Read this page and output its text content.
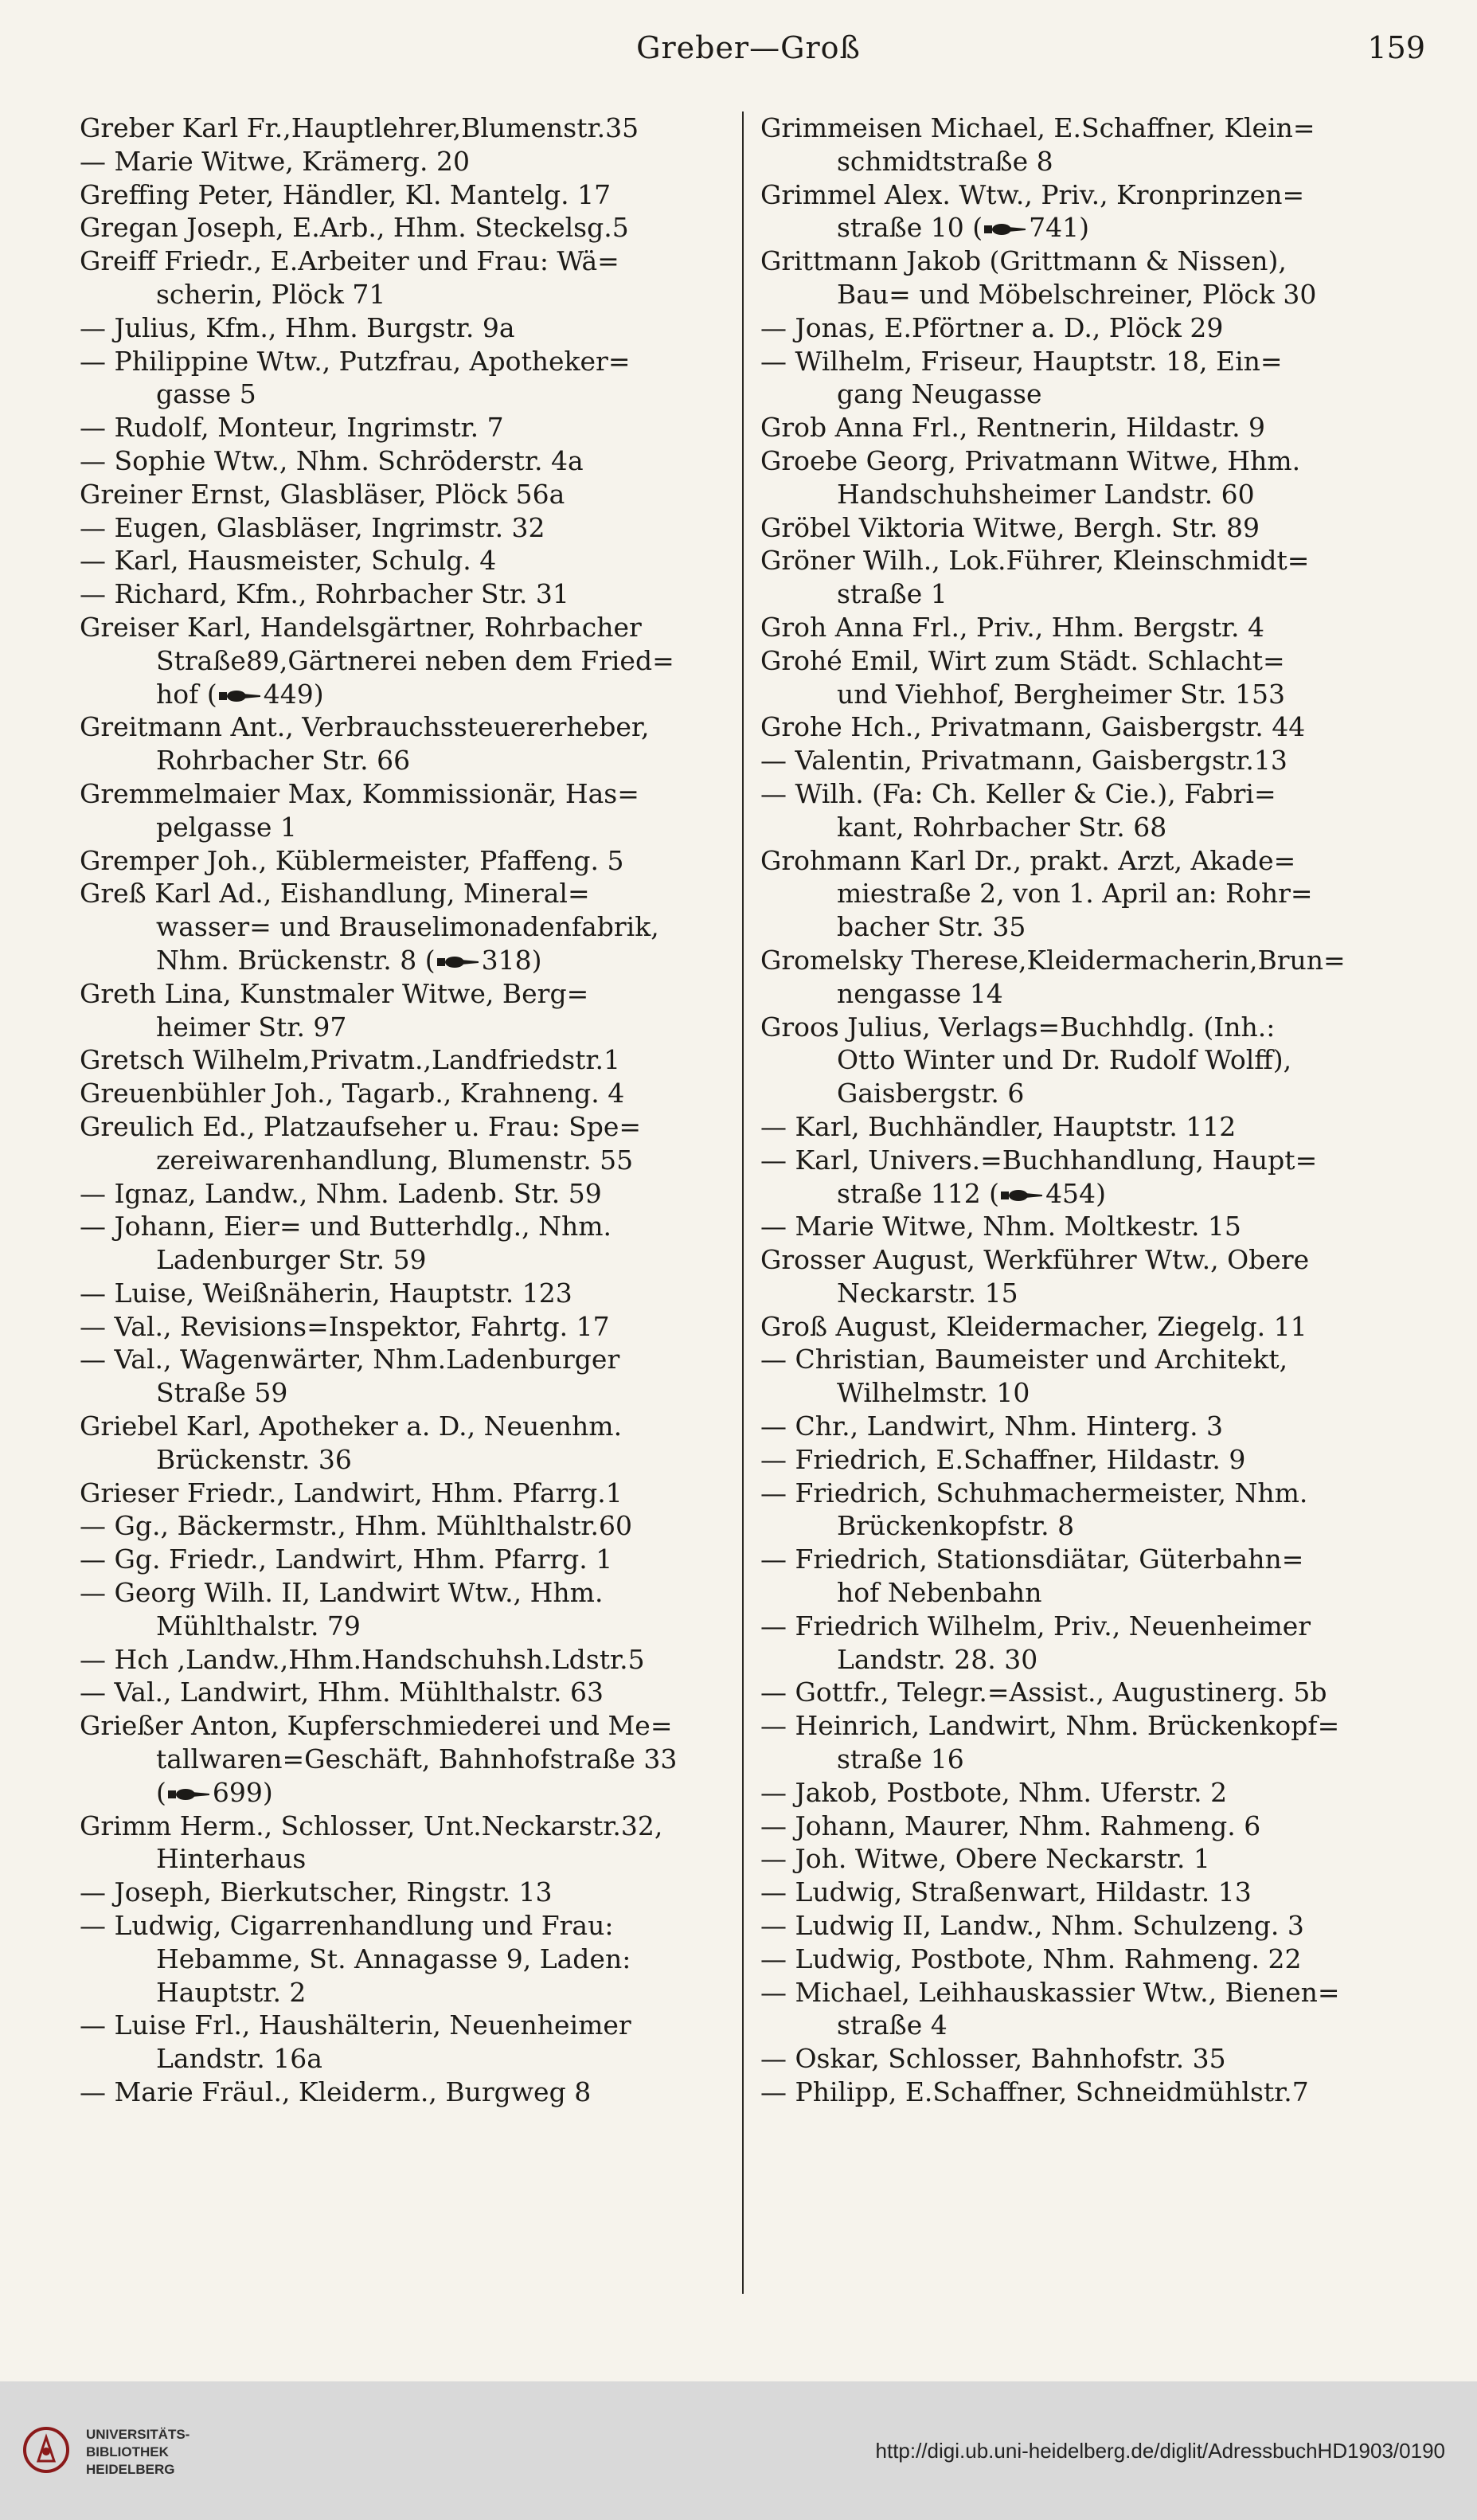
Greber—Groß	159
Greber Karl Fr.,Hauptlehrer,Blumenstr.35
— Marie Witwe, Krämerg. 20
Greffing Peter, Händler, Kl. Mantelg. 17
Gregan Joseph, E.Arb., Hhm. Steckelsg.5
Greiff Friedr., E.Arbeiter und Frau: Wä=
scherin, Plöck 71
— Julius, Kfm., Hhm. Burgstr. 9a
— Philippine Wtw., Putzfrau, Apotheker=
gasse 5
— Rudolf, Monteur, Ingrimstr. 7
— Sophie Wtw., Nhm. Schröderstr. 4a
Greiner Ernst, Glasbläser, Plöck 56a
— Eugen, Glasbläser, Ingrimstr. 32
— Karl, Hausmeister, Schulg. 4
— Richard, Kfm., Rohrbacher Str. 31
Greiser Karl, Handelsgärtner, Rohrbacher
Straße89,Gärtnerei neben dem Fried=
hof ( 449)
Greitmann Ant., Verbrauchssteuererheber,
Rohrbacher Str. 66
Gremmelmaier Max, Kommissionär, Has=
pelgasse 1
Gremper Joh., Küblermeister, Pfaffeng. 5
Greß Karl Ad., Eishandlung, Mineral=
wasser= und Brauselimonadenfabrik,
Nhm. Brückenstr. 8 ( 318)
Greth Lina, Kunstmaler Witwe, Berg=
heimer Str. 97
Gretsch Wilhelm,Privatm.,Landfriedstr.1
Greuenbühler Joh., Tagarb., Krahneng. 4
Greulich Ed., Platzaufseher u. Frau: Spe=
zereiwarenhandlung, Blumenstr. 55
— Ignaz, Landw., Nhm. Ladenb. Str. 59
— Johann, Eier= und Butterhdlg., Nhm.
Ladenburger Str. 59
— Luise, Weißnäherin, Hauptstr. 123
— Val., Revisions=Inspektor, Fahrtg. 17
— Val., Wagenwärter, Nhm.Ladenburger
Straße 59
Griebel Karl, Apotheker a. D., Neuenhm.
Brückenstr. 36
Grieser Friedr., Landwirt, Hhm. Pfarrg.1
— Gg., Bäckermstr., Hhm. Mühlthalstr.60
— Gg. Friedr., Landwirt, Hhm. Pfarrg. 1
— Georg Wilh. II, Landwirt Wtw., Hhm.
Mühlthalstr. 79
— Hch ,Landw.,Hhm.Handschuhsh.Ldstr.5
— Val., Landwirt, Hhm. Mühlthalstr. 63
Grießer Anton, Kupferschmiederei und Me=
tallwaren=Geschäft, Bahnhofstraße 33
( 699)
Grimm Herm., Schlosser, Unt.Neckarstr.32,
Hinterhaus
— Joseph, Bierkutscher, Ringstr. 13
— Ludwig, Cigarrenhandlung und Frau:
Hebamme, St. Annagasse 9, Laden:
Hauptstr. 2
— Luise Frl., Haushälterin, Neuenheimer
Landstr. 16a
— Marie Fräul., Kleiderm., Burgweg 8
Grimmeisen Michael, E.Schaffner, Klein=
schmidtstraße 8
Grimmel Alex. Wtw., Priv., Kronprinzen=
straße 10 ( 741)
Grittmann Jakob (Grittmann & Nissen),
Bau= und Möbelschreiner, Plöck 30
— Jonas, E.Pförtner a. D., Plöck 29
— Wilhelm, Friseur, Hauptstr. 18, Ein=
gang Neugasse
Grob Anna Frl., Rentnerin, Hildastr. 9
Groebe Georg, Privatmann Witwe, Hhm.
Handschuhsheimer Landstr. 60
Gröbel Viktoria Witwe, Bergh. Str. 89
Gröner Wilh., Lok.Führer, Kleinschmidt=
straße 1
Groh Anna Frl., Priv., Hhm. Bergstr. 4
Grohé Emil, Wirt zum Städt. Schlacht=
und Viehhof, Bergheimer Str. 153
Grohe Hch., Privatmann, Gaisbergstr. 44
— Valentin, Privatmann, Gaisbergstr.13
— Wilh. (Fa: Ch. Keller & Cie.), Fabri=
kant, Rohrbacher Str. 68
Grohmann Karl Dr., prakt. Arzt, Akade=
miestraße 2, von 1. April an: Rohr=
bacher Str. 35
Gromelsky Therese,Kleidermacherin,Brun=
nengasse 14
Groos Julius, Verlags=Buchhdlg. (Inh.:
Otto Winter und Dr. Rudolf Wolff),
Gaisbergstr. 6
— Karl, Buchhändler, Hauptstr. 112
— Karl, Univers.=Buchhandlung, Haupt=
straße 112 ( 454)
— Marie Witwe, Nhm. Moltkestr. 15
Grosser August, Werkführer Wtw., Obere
Neckarstr. 15
Groß August, Kleidermacher, Ziegelg. 11
— Christian, Baumeister und Architekt,
Wilhelmstr. 10
— Chr., Landwirt, Nhm. Hinterg. 3
— Friedrich, E.Schaffner, Hildastr. 9
— Friedrich, Schuhmachermeister, Nhm.
Brückenkopfstr. 8
— Friedrich, Stationsdiätar, Güterbahn=
hof Nebenbahn
— Friedrich Wilhelm, Priv., Neuenheimer
Landstr. 28. 30
— Gottfr., Telegr.=Assist., Augustinerg. 5b
— Heinrich, Landwirt, Nhm. Brückenkopf=
straße 16
— Jakob, Postbote, Nhm. Uferstr. 2
— Johann, Maurer, Nhm. Rahmeng. 6
— Joh. Witwe, Obere Neckarstr. 1
— Ludwig, Straßenwart, Hildastr. 13
— Ludwig II, Landw., Nhm. Schulzeng. 3
— Ludwig, Postbote, Nhm. Rahmeng. 22
— Michael, Leihhauskassier Wtw., Bienen=
straße 4
— Oskar, Schlosser, Bahnhofstr. 35
— Philipp, E.Schaffner, Schneidmühlstr.7
UNIVERSITÄTS-
BIBLIOTHEK
HEIDELBERG
http://digi.ub.uni-heidelberg.de/diglit/AdressbuchHD1903/0190
